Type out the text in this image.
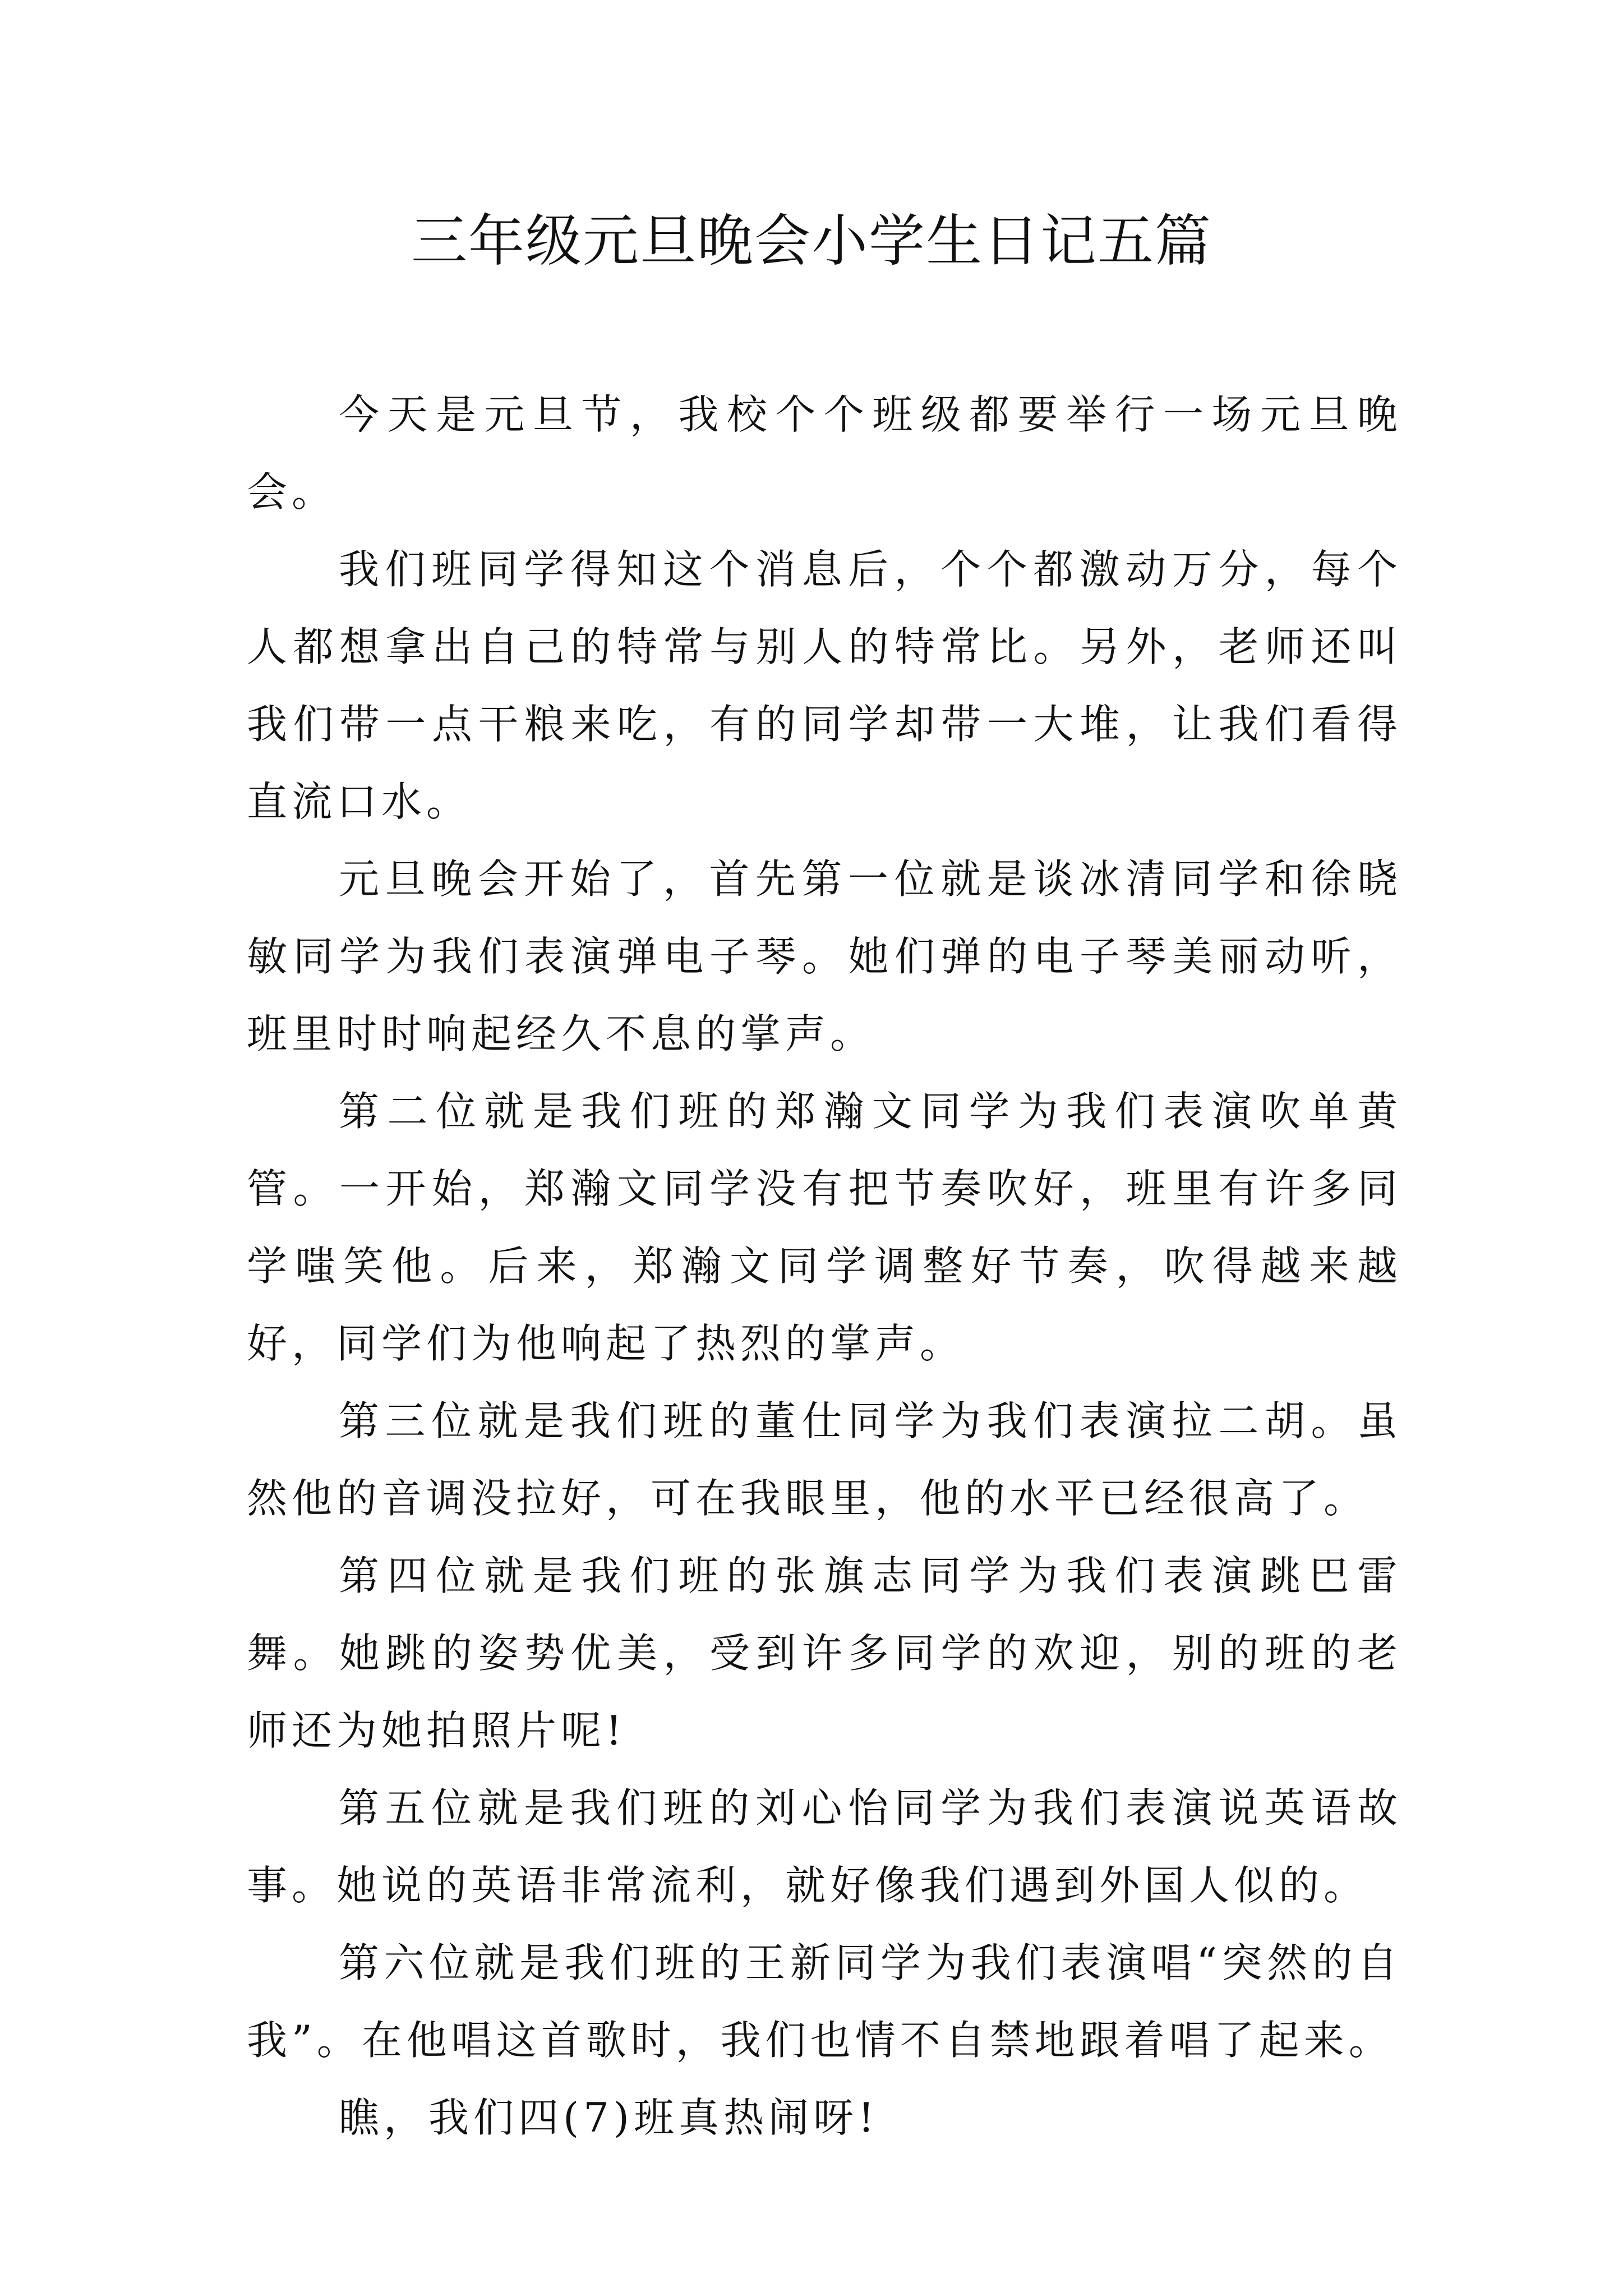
三年级元旦晚会小学生日记五篇

今天是元旦节，我校个个班级都要举行一场元旦晚会。

我们班同学得知这个消息后，个个都激动万分，每个人都想拿出自己的特常与别人的特常比。另外，老师还叫我们带一点干粮来吃，有的同学却带一大堆，让我们看得直流口水。

元旦晚会开始了，首先第一位就是谈冰清同学和徐晓敏同学为我们表演弹电子琴。她们弹的电子琴美丽动听，班里时时响起经久不息的掌声。

第二位就是我们班的郑瀚文同学为我们表演吹单黄管。一开始，郑瀚文同学没有把节奏吹好，班里有许多同学嗤笑他。后来，郑瀚文同学调整好节奏，吹得越来越好，同学们为他响起了热烈的掌声。

第三位就是我们班的董仕同学为我们表演拉二胡。虽然他的音调没拉好，可在我眼里，他的水平已经很高了。

第四位就是我们班的张旗志同学为我们表演跳巴雷舞。她跳的姿势优美，受到许多同学的欢迎，别的班的老师还为她拍照片呢!

第五位就是我们班的刘心怡同学为我们表演说英语故事。她说的英语非常流利，就好像我们遇到外国人似的。

第六位就是我们班的王新同学为我们表演唱“突然的自我”。在他唱这首歌时，我们也情不自禁地跟着唱了起来。

瞧，我们四(7)班真热闹呀!
